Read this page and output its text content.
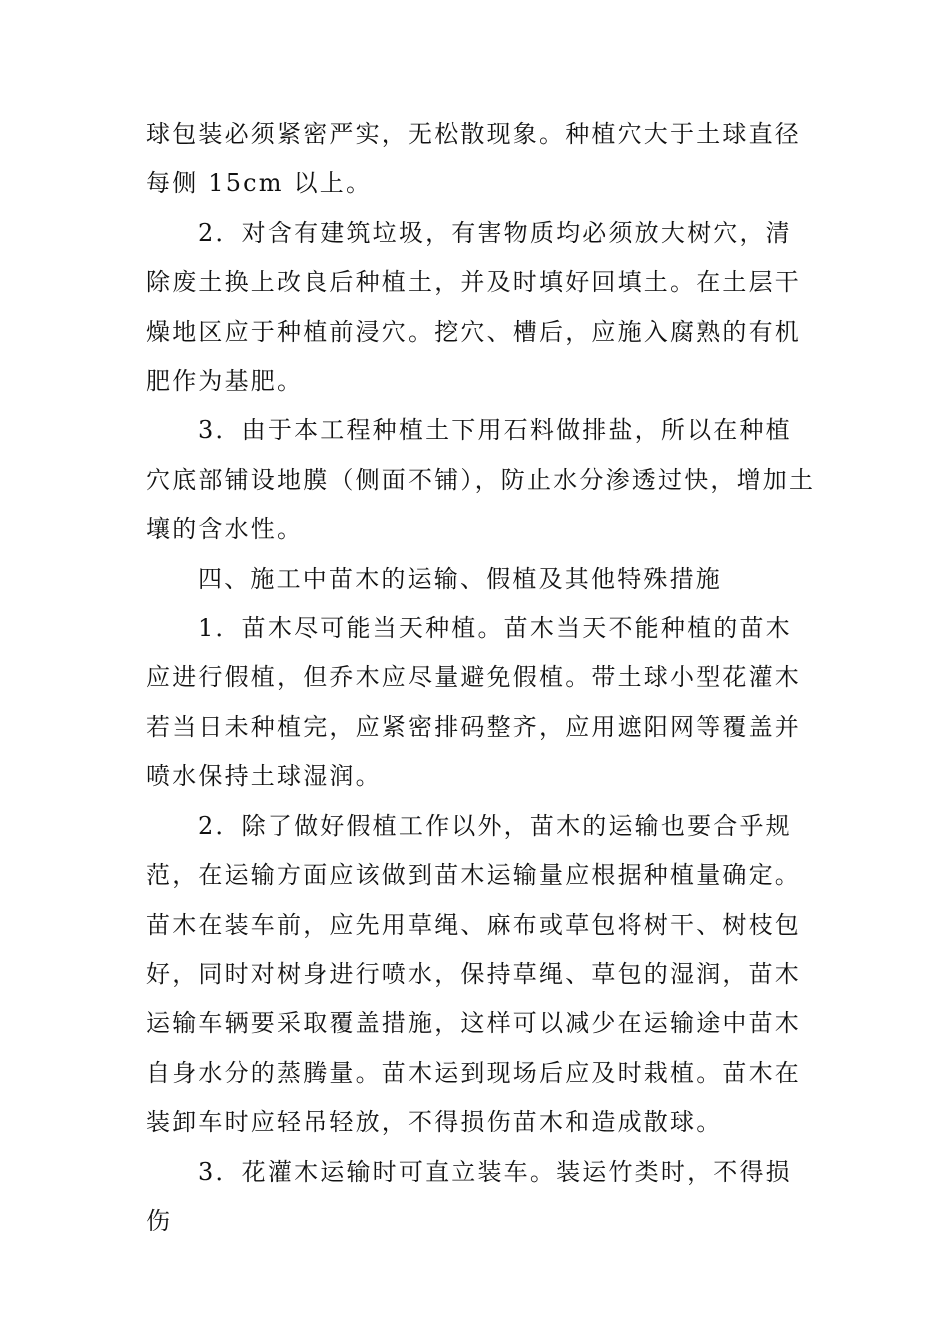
球包装必须紧密严实，无松散现象。种植穴大于土球直径每侧 15cm 以上。

2．对含有建筑垃圾，有害物质均必须放大树穴，清除废土换上改良后种植土，并及时填好回填土。在土层干燥地区应于种植前浸穴。挖穴、槽后，应施入腐熟的有机肥作为基肥。

3．由于本工程种植土下用石料做排盐，所以在种植穴底部铺设地膜（侧面不铺），防止水分渗透过快，增加土壤的含水性。

四、施工中苗木的运输、假植及其他特殊措施

1．苗木尽可能当天种植。苗木当天不能种植的苗木应进行假植，但乔木应尽量避免假植。带土球小型花灌木若当日未种植完，应紧密排码整齐，应用遮阳网等覆盖并喷水保持土球湿润。

2．除了做好假植工作以外，苗木的运输也要合乎规范，在运输方面应该做到苗木运输量应根据种植量确定。苗木在装车前，应先用草绳、麻布或草包将树干、树枝包好，同时对树身进行喷水，保持草绳、草包的湿润，苗木运输车辆要采取覆盖措施，这样可以减少在运输途中苗木自身水分的蒸腾量。苗木运到现场后应及时栽植。苗木在装卸车时应轻吊轻放，不得损伤苗木和造成散球。

3．花灌木运输时可直立装车。装运竹类时，不得损伤
